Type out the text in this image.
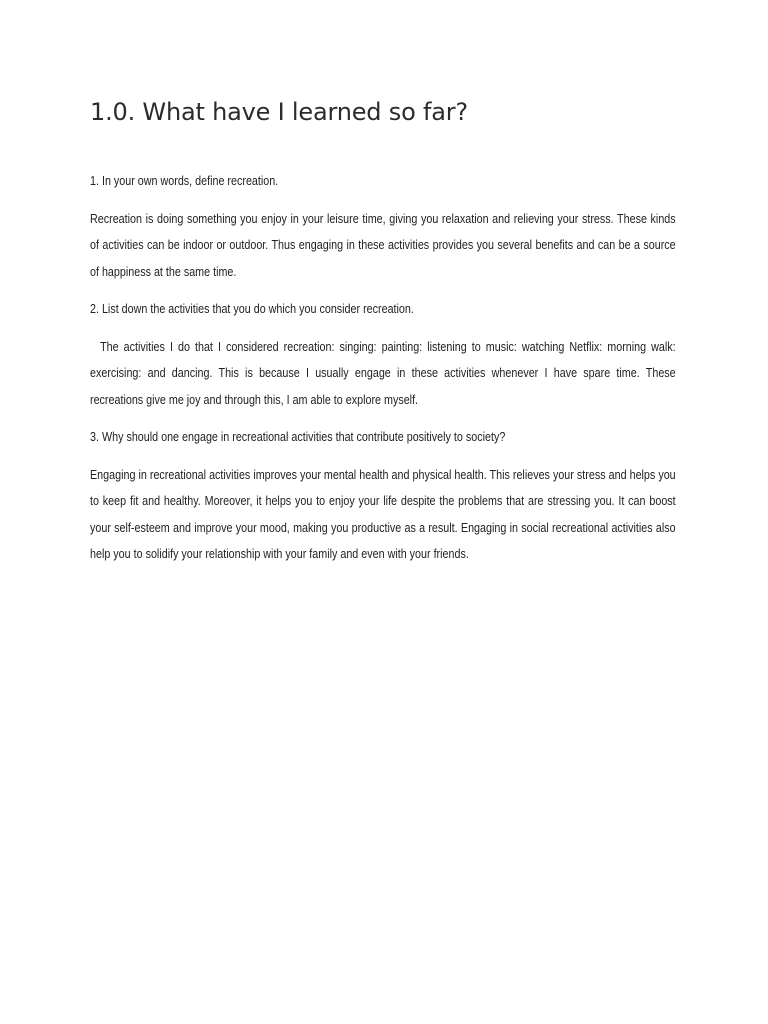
1.0. What have I learned so far?

1. In your own words, define recreation.

Recreation is doing something you enjoy in your leisure time, giving you relaxation and relieving your stress. These kinds of activities can be indoor or outdoor. Thus engaging in these activities provides you several benefits and can be a source of happiness at the same time.

2. List down the activities that you do which you consider recreation.

The activities I do that I considered recreation: singing: painting: listening to music: watching Netflix: morning walk: exercising: and dancing. This is because I usually engage in these activities whenever I have spare time. These recreations give me joy and through this, I am able to explore myself.

3. Why should one engage in recreational activities that contribute positively to society?

Engaging in recreational activities improves your mental health and physical health. This relieves your stress and helps you to keep fit and healthy. Moreover, it helps you to enjoy your life despite the problems that are stressing you. It can boost your self-esteem and improve your mood, making you productive as a result. Engaging in social recreational activities also help you to solidify your relationship with your family and even with your friends.
